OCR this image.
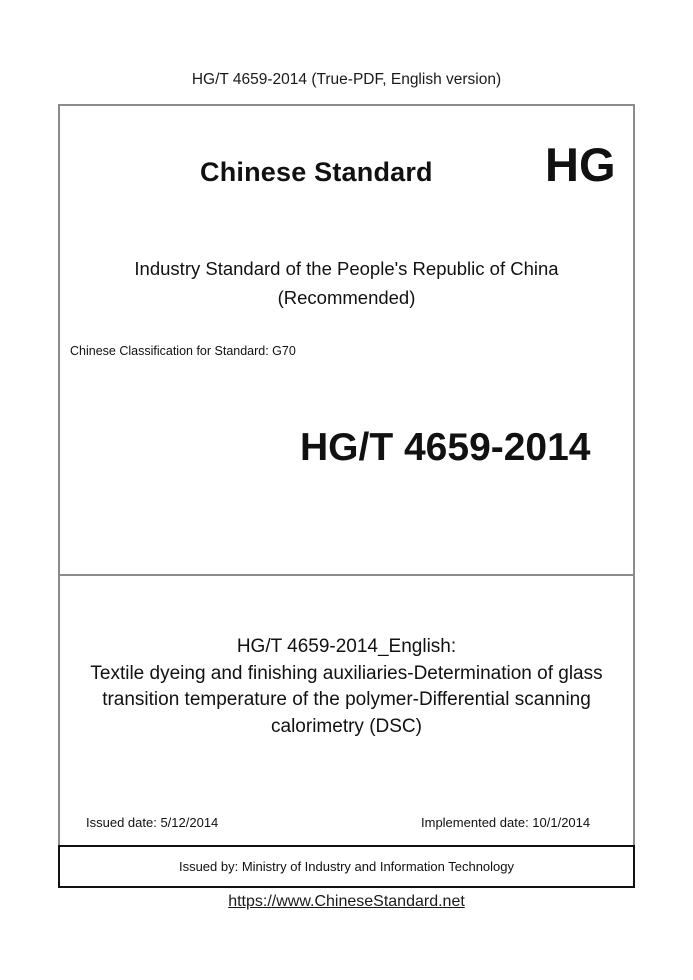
HG/T 4659-2014 (True-PDF, English version)
Chinese Standard HG
Industry Standard of the People's Republic of China
(Recommended)
Chinese Classification for Standard: G70
HG/T 4659-2014
HG/T 4659-2014_English:
Textile dyeing and finishing auxiliaries-Determination of glass
transition temperature of the polymer-Differential scanning
calorimetry (DSC)
Issued date: 5/12/2014	Implemented date: 10/1/2014
Issued by: Ministry of Industry and Information Technology
https://www.ChineseStandard.net
